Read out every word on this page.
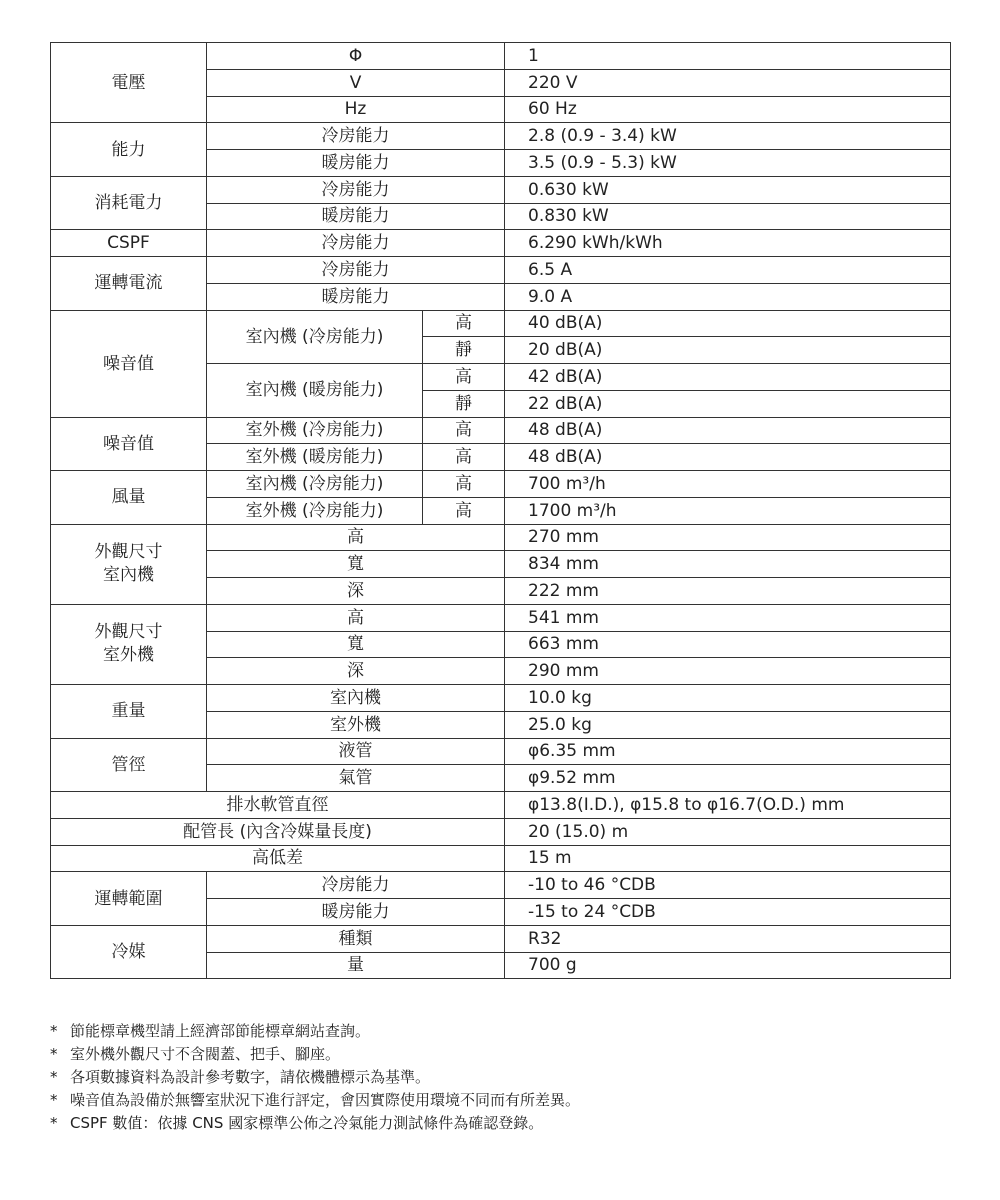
電壓	Φ		1
	V		220 V
	Hz		60 Hz
能力	冷房能力		2.8 (0.9 - 3.4) kW
	暖房能力		3.5 (0.9 - 5.3) kW
消耗電力	冷房能力		0.630 kW
	暖房能力		0.830 kW
CSPF	冷房能力		6.290 kWh/kWh
運轉電流	冷房能力		6.5 A
	暖房能力		9.0 A
噪音值	室內機 (冷房能力)	高	40 dB(A)
		靜	20 dB(A)
	室內機 (暖房能力)	高	42 dB(A)
		靜	22 dB(A)
噪音值	室外機 (冷房能力)	高	48 dB(A)
	室外機 (暖房能力)	高	48 dB(A)
風量	室內機 (冷房能力)	高	700 m³/h
	室外機 (冷房能力)	高	1700 m³/h

外觀尺寸
室內機	高		270 mm
	寬		834 mm
	深		222 mm

外觀尺寸
室外機	高		541 mm
	寬		663 mm
	深		290 mm
重量	室內機		10.0 kg
	室外機		25.0 kg
管徑	液管		φ6.35 mm
	氣管		φ9.52 mm
排水軟管直徑			φ13.8(I.D.), φ15.8 to φ16.7(O.D.) mm
配管長 (內含冷媒量長度)			20 (15.0) m
高低差			15 m
運轉範圍	冷房能力		-10 to 46 °CDB
	暖房能力		-15 to 24 °CDB
冷媒	種類		R32
	量		700 g
* 節能標章機型請上經濟部節能標章網站查詢。
* 室外機外觀尺寸不含閥蓋、把手、腳座。
* 各項數據資料為設計參考數字，請依機體標示為基準。
* 噪音值為設備於無響室狀況下進行評定，會因實際使用環境不同而有所差異。
* CSPF 數值：依據 CNS 國家標準公佈之冷氣能力測試條件為確認登錄。
